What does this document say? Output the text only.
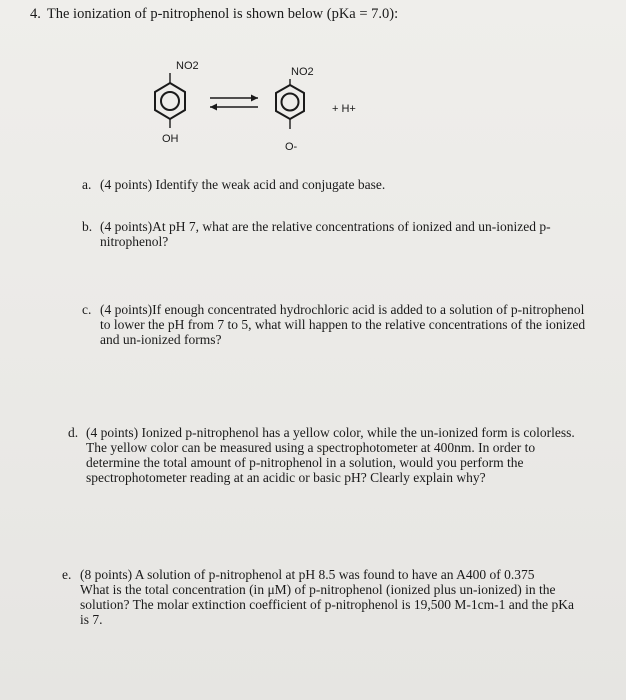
4. The ionization of p-nitrophenol is shown below (pKa = 7.0):
NO2
OH
NO2
O-
+ H+
a. (4 points) Identify the weak acid and conjugate base.
b. (4 points)At pH 7, what are the relative concentrations of ionized and un-ionized p-
nitrophenol?
c. (4 points)If enough concentrated hydrochloric acid is added to a solution of p-nitrophenol
to lower the pH from 7 to 5, what will happen to the relative concentrations of the ionized
and un-ionized forms?
d. (4 points) Ionized p-nitrophenol has a yellow color, while the un-ionized form is colorless.
The yellow color can be measured using a spectrophotometer at 400nm. In order to
determine the total amount of p-nitrophenol in a solution, would you perform the
spectrophotometer reading at an acidic or basic pH? Clearly explain why?
e. (8 points) A solution of p-nitrophenol at pH 8.5 was found to have an A400 of 0.375
What is the total concentration (in μM) of p-nitrophenol (ionized plus un-ionized) in the
solution? The molar extinction coefficient of p-nitrophenol is 19,500 M-1cm-1 and the pKa
is 7.
